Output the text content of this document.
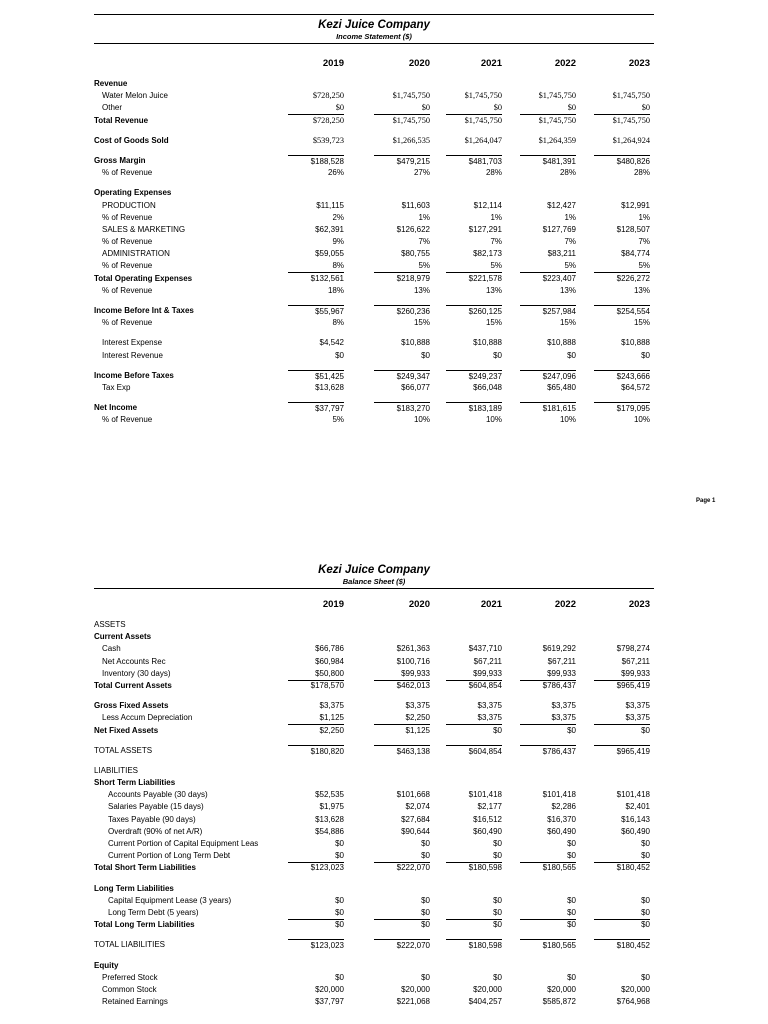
Kezi Juice Company
Income Statement ($)
2019	2020	2021	2022	2023
Revenue
Water Melon Juice	$728,250	$1,745,750	$1,745,750	$1,745,750	$1,745,750
Other	$0	$0	$0	$0	$0
Total Revenue	$728,250	$1,745,750	$1,745,750	$1,745,750	$1,745,750
Cost of Goods Sold	$539,723	$1,266,535	$1,264,047	$1,264,359	$1,264,924
Gross Margin	$188,528	$479,215	$481,703	$481,391	$480,826
% of Revenue	26%	27%	28%	28%	28%
Operating Expenses
PRODUCTION	$11,115	$11,603	$12,114	$12,427	$12,991
% of Revenue	2%	1%	1%	1%	1%
SALES & MARKETING	$62,391	$126,622	$127,291	$127,769	$128,507
% of Revenue	9%	7%	7%	7%	7%
ADMINISTRATION	$59,055	$80,755	$82,173	$83,211	$84,774
% of Revenue	8%	5%	5%	5%	5%
Total Operating Expenses	$132,561	$218,979	$221,578	$223,407	$226,272
% of Revenue	18%	13%	13%	13%	13%
Income Before Int & Taxes	$55,967	$260,236	$260,125	$257,984	$254,554
% of Revenue	8%	15%	15%	15%	15%
Interest Expense	$4,542	$10,888	$10,888	$10,888	$10,888
Interest Revenue	$0	$0	$0	$0	$0
Income Before Taxes	$51,425	$249,347	$249,237	$247,096	$243,666
Tax Exp	$13,628	$66,077	$66,048	$65,480	$64,572
Net Income	$37,797	$183,270	$183,189	$181,615	$179,095
% of Revenue	5%	10%	10%	10%	10%
Page 1
Kezi Juice Company
Balance Sheet ($)
2019	2020	2021	2022	2023
ASSETS
Current Assets
Cash	$66,786	$261,363	$437,710	$619,292	$798,274
Net Accounts Rec	$60,984	$100,716	$67,211	$67,211	$67,211
Inventory (30 days)	$50,800	$99,933	$99,933	$99,933	$99,933
Total Current Assets	$178,570	$462,013	$604,854	$786,437	$965,419
Gross Fixed Assets	$3,375	$3,375	$3,375	$3,375	$3,375
Less Accum Depreciation	$1,125	$2,250	$3,375	$3,375	$3,375
Net Fixed Assets	$2,250	$1,125	$0	$0	$0
TOTAL ASSETS	$180,820	$463,138	$604,854	$786,437	$965,419
LIABILITIES
Short Term Liabilities
Accounts Payable (30 days)	$52,535	$101,668	$101,418	$101,418	$101,418
Salaries Payable (15 days)	$1,975	$2,074	$2,177	$2,286	$2,401
Taxes Payable (90 days)	$13,628	$27,684	$16,512	$16,370	$16,143
Overdraft (90% of net A/R)	$54,886	$90,644	$60,490	$60,490	$60,490
Current Portion of Capital Equipment Leas	$0	$0	$0	$0	$0
Current Portion of Long Term Debt	$0	$0	$0	$0	$0
Total Short Term Liabilities	$123,023	$222,070	$180,598	$180,565	$180,452
Long Term Liabilities
Capital Equipment Lease (3 years)	$0	$0	$0	$0	$0
Long Term Debt (5 years)	$0	$0	$0	$0	$0
Total Long Term Liabilities	$0	$0	$0	$0	$0
TOTAL LIABILITIES	$123,023	$222,070	$180,598	$180,565	$180,452
Equity
Preferred Stock	$0	$0	$0	$0	$0
Common Stock	$20,000	$20,000	$20,000	$20,000	$20,000
Retained Earnings	$37,797	$221,068	$404,257	$585,872	$764,968
